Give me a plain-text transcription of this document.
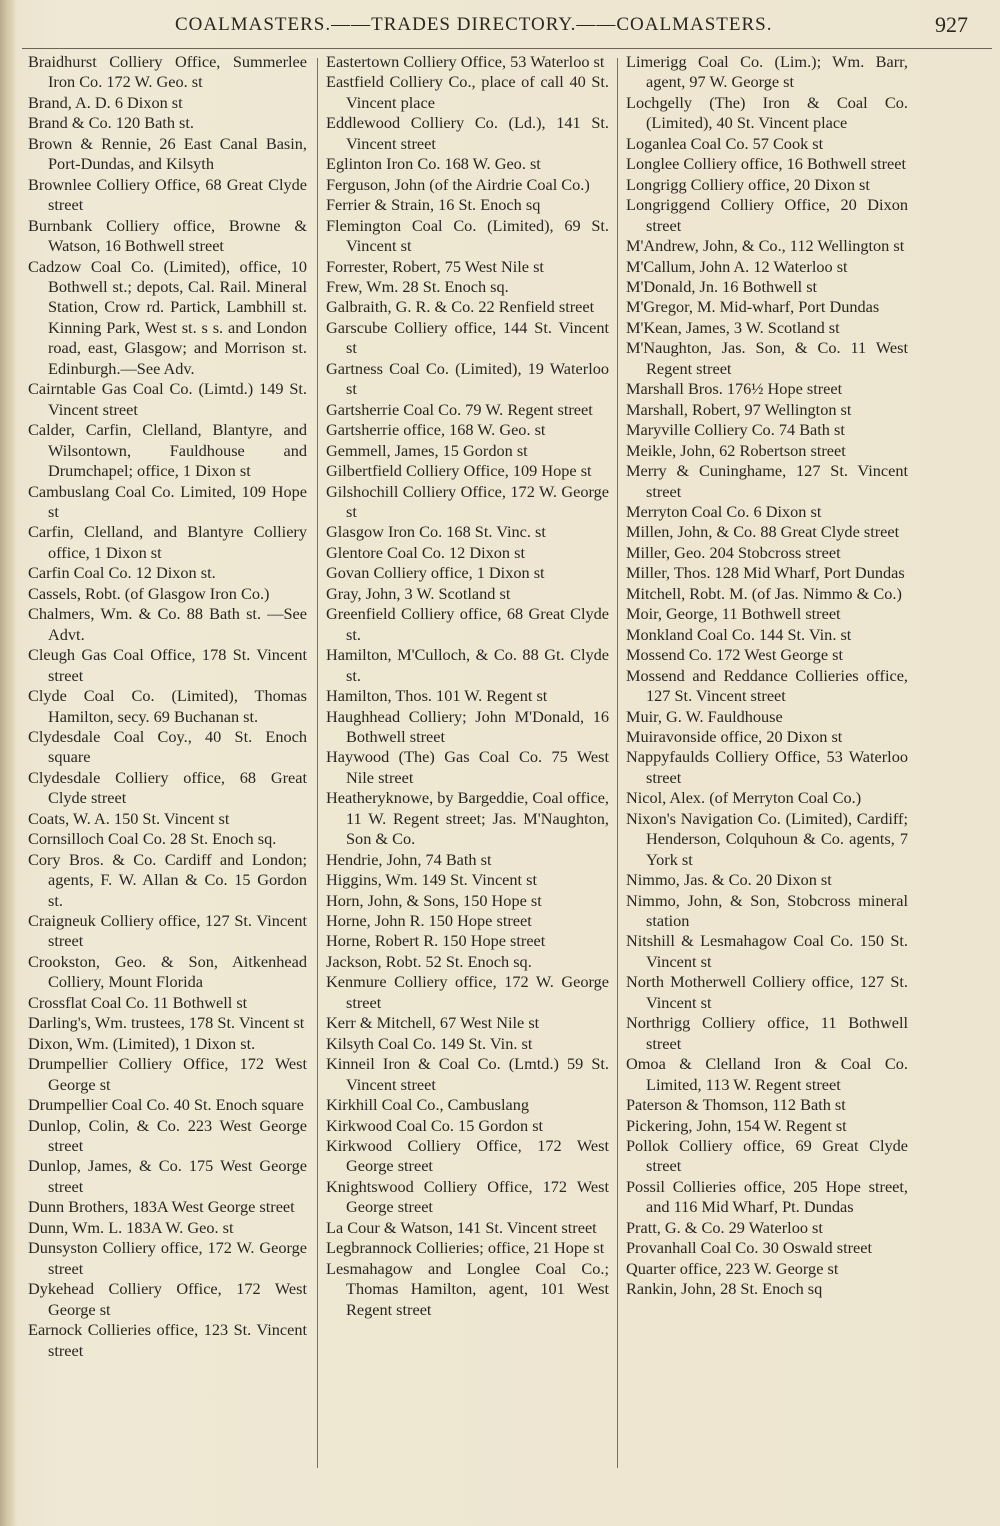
COALMASTERS.——TRADES DIRECTORY.——COALMASTERS.	927

Braidhurst Colliery Office, Summerlee Iron Co. 172 W. Geo. st

Brand, A. D. 6 Dixon st

Brand & Co. 120 Bath st.

Brown & Rennie, 26 East Canal Basin, Port-Dundas, and Kilsyth

Brownlee Colliery Office, 68 Great Clyde street

Burnbank Colliery office, Browne & Watson, 16 Bothwell street

Cadzow Coal Co. (Limited), office, 10 Bothwell st.; depots, Cal. Rail. Mineral Station, Crow rd. Partick, Lambhill st. Kinning Park, West st. s s. and London road, east, Glasgow; and Morrison st. Edinburgh.—See Adv.

Cairntable Gas Coal Co. (Limtd.) 149 St. Vincent street

Calder, Carfin, Clelland, Blantyre, and Wilsontown, Fauldhouse and Drumchapel; office, 1 Dixon st

Cambuslang Coal Co. Limited, 109 Hope st

Carfin, Clelland, and Blantyre Colliery office, 1 Dixon st

Carfin Coal Co. 12 Dixon st.

Cassels, Robt. (of Glasgow Iron Co.)

Chalmers, Wm. & Co. 88 Bath st. —See Advt.

Cleugh Gas Coal Office, 178 St. Vincent street

Clyde Coal Co. (Limited), Thomas Hamilton, secy. 69 Buchanan st.

Clydesdale Coal Coy., 40 St. Enoch square

Clydesdale Colliery office, 68 Great Clyde street

Coats, W. A. 150 St. Vincent st

Cornsilloch Coal Co. 28 St. Enoch sq.

Cory Bros. & Co. Cardiff and London; agents, F. W. Allan & Co. 15 Gordon st.

Craigneuk Colliery office, 127 St. Vincent street

Crookston, Geo. & Son, Aitkenhead Colliery, Mount Florida

Crossflat Coal Co. 11 Bothwell st

Darling's, Wm. trustees, 178 St. Vincent st

Dixon, Wm. (Limited), 1 Dixon st.

Drumpellier Colliery Office, 172 West George st

Drumpellier Coal Co. 40 St. Enoch square

Dunlop, Colin, & Co. 223 West George street

Dunlop, James, & Co. 175 West George street

Dunn Brothers, 183A West George street

Dunn, Wm. L. 183A W. Geo. st

Dunsyston Colliery office, 172 W. George street

Dykehead Colliery Office, 172 West George st

Earnock Collieries office, 123 St. Vincent street

Eastertown Colliery Office, 53 Waterloo st

Eastfield Colliery Co., place of call 40 St. Vincent place

Eddlewood Colliery Co. (Ld.), 141 St. Vincent street

Eglinton Iron Co. 168 W. Geo. st

Ferguson, John (of the Airdrie Coal Co.)

Ferrier & Strain, 16 St. Enoch sq

Flemington Coal Co. (Limited), 69 St. Vincent st

Forrester, Robert, 75 West Nile st

Frew, Wm. 28 St. Enoch sq.

Galbraith, G. R. & Co. 22 Renfield street

Garscube Colliery office, 144 St. Vincent st

Gartness Coal Co. (Limited), 19 Waterloo st

Gartsherrie Coal Co. 79 W. Regent street

Gartsherrie office, 168 W. Geo. st

Gemmell, James, 15 Gordon st

Gilbertfield Colliery Office, 109 Hope st

Gilshochill Colliery Office, 172 W. George st

Glasgow Iron Co. 168 St. Vinc. st

Glentore Coal Co. 12 Dixon st

Govan Colliery office, 1 Dixon st

Gray, John, 3 W. Scotland st

Greenfield Colliery office, 68 Great Clyde st.

Hamilton, M'Culloch, & Co. 88 Gt. Clyde st.

Hamilton, Thos. 101 W. Regent st

Haughhead Colliery; John M'Donald, 16 Bothwell street

Haywood (The) Gas Coal Co. 75 West Nile street

Heatheryknowe, by Bargeddie, Coal office, 11 W. Regent street; Jas. M'Naughton, Son & Co.

Hendrie, John, 74 Bath st

Higgins, Wm. 149 St. Vincent st

Horn, John, & Sons, 150 Hope st

Horne, John R. 150 Hope street

Horne, Robert R. 150 Hope street

Jackson, Robt. 52 St. Enoch sq.

Kenmure Colliery office, 172 W. George street

Kerr & Mitchell, 67 West Nile st

Kilsyth Coal Co. 149 St. Vin. st

Kinneil Iron & Coal Co. (Lmtd.) 59 St. Vincent street

Kirkhill Coal Co., Cambuslang

Kirkwood Coal Co. 15 Gordon st

Kirkwood Colliery Office, 172 West George street

Knightswood Colliery Office, 172 West George street

La Cour & Watson, 141 St. Vincent street

Legbrannock Collieries; office, 21 Hope st

Lesmahagow and Longlee Coal Co.; Thomas Hamilton, agent, 101 West Regent street

Limerigg Coal Co. (Lim.); Wm. Barr, agent, 97 W. George st

Lochgelly (The) Iron & Coal Co. (Limited), 40 St. Vincent place

Loganlea Coal Co. 57 Cook st

Longlee Colliery office, 16 Bothwell street

Longrigg Colliery office, 20 Dixon st

Longriggend Colliery Office, 20 Dixon street

M'Andrew, John, & Co., 112 Wellington st

M'Callum, John A. 12 Waterloo st

M'Donald, Jn. 16 Bothwell st

M'Gregor, M. Mid-wharf, Port Dundas

M'Kean, James, 3 W. Scotland st

M'Naughton, Jas. Son, & Co. 11 West Regent street

Marshall Bros. 176½ Hope street

Marshall, Robert, 97 Wellington st

Maryville Colliery Co. 74 Bath st

Meikle, John, 62 Robertson street

Merry & Cuninghame, 127 St. Vincent street

Merryton Coal Co. 6 Dixon st

Millen, John, & Co. 88 Great Clyde street

Miller, Geo. 204 Stobcross street

Miller, Thos. 128 Mid Wharf, Port Dundas

Mitchell, Robt. M. (of Jas. Nimmo & Co.)

Moir, George, 11 Bothwell street

Monkland Coal Co. 144 St. Vin. st

Mossend Co. 172 West George st

Mossend and Reddance Collieries office, 127 St. Vincent street

Muir, G. W. Fauldhouse

Muiravonside office, 20 Dixon st

Nappyfaulds Colliery Office, 53 Waterloo street

Nicol, Alex. (of Merryton Coal Co.)

Nixon's Navigation Co. (Limited), Cardiff; Henderson, Colquhoun & Co. agents, 7 York st

Nimmo, Jas. & Co. 20 Dixon st

Nimmo, John, & Son, Stobcross mineral station

Nitshill & Lesmahagow Coal Co. 150 St. Vincent st

North Motherwell Colliery office, 127 St. Vincent st

Northrigg Colliery office, 11 Bothwell street

Omoa & Clelland Iron & Coal Co. Limited, 113 W. Regent street

Paterson & Thomson, 112 Bath st

Pickering, John, 154 W. Regent st

Pollok Colliery office, 69 Great Clyde street

Possil Collieries office, 205 Hope street, and 116 Mid Wharf, Pt. Dundas

Pratt, G. & Co. 29 Waterloo st

Provanhall Coal Co. 30 Oswald street

Quarter office, 223 W. George st

Rankin, John, 28 St. Enoch sq
